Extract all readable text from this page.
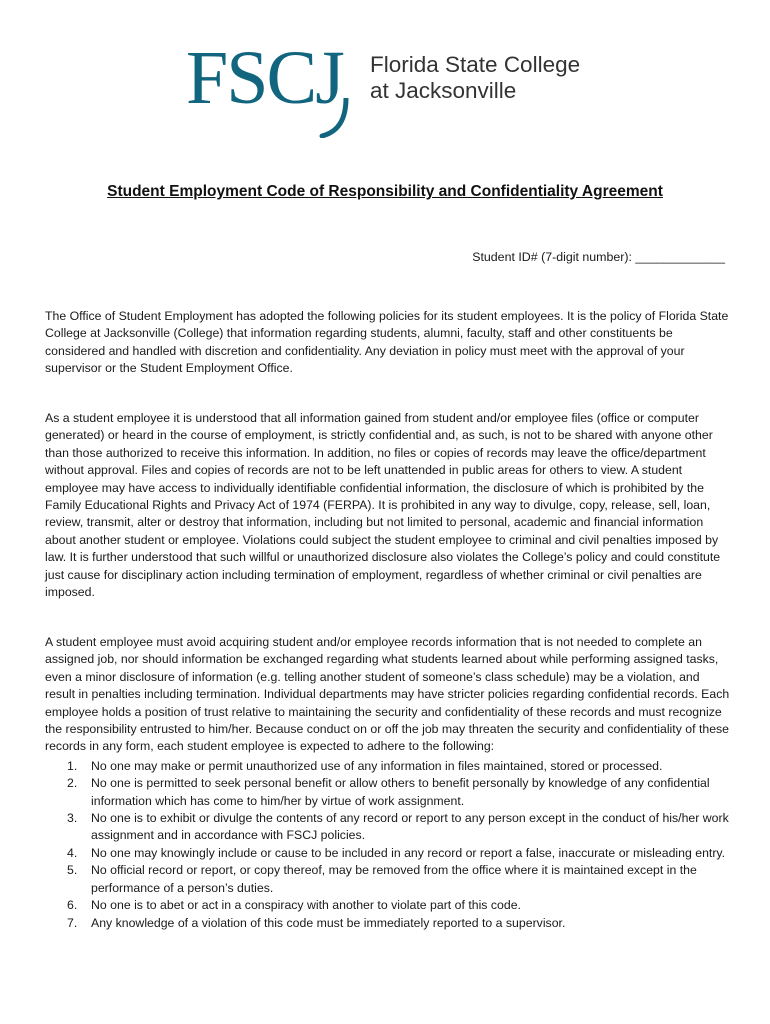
FSCJ Florida State College
at Jacksonville
Student Employment Code of Responsibility and Confidentiality Agreement
Student ID# (7-digit number): _____________

The Office of Student Employment has adopted the following policies for its student employees. It is the policy of Florida State College at Jacksonville (College) that information regarding students, alumni, faculty, staff and other constituents be considered and handled with discretion and confidentiality. Any deviation in policy must meet with the approval of your supervisor or the Student Employment Office.

As a student employee it is understood that all information gained from student and/or employee files (office or computer generated) or heard in the course of employment, is strictly confidential and, as such, is not to be shared with anyone other than those authorized to receive this information. In addition, no files or copies of records may leave the office/department without approval. Files and copies of records are not to be left unattended in public areas for others to view. A student employee may have access to individually identifiable confidential information, the disclosure of which is prohibited by the Family Educational Rights and Privacy Act of 1974 (FERPA). It is prohibited in any way to divulge, copy, release, sell, loan, review, transmit, alter or destroy that information, including but not limited to personal, academic and financial information about another student or employee. Violations could subject the student employee to criminal and civil penalties imposed by law. It is further understood that such willful or unauthorized disclosure also violates the College’s policy and could constitute just cause for disciplinary action including termination of employment, regardless of whether criminal or civil penalties are imposed.

A student employee must avoid acquiring student and/or employee records information that is not needed to complete an assigned job, nor should information be exchanged regarding what students learned about while performing assigned tasks, even a minor disclosure of information (e.g. telling another student of someone’s class schedule) may be a violation, and result in penalties including termination. Individual departments may have stricter policies regarding confidential records. Each employee holds a position of trust relative to maintaining the security and confidentiality of these records and must recognize the responsibility entrusted to him/her. Because conduct on or off the job may threaten the security and confidentiality of these records in any form, each student employee is expected to adhere to the following:

1. No one may make or permit unauthorized use of any information in files maintained, stored or processed.
2. No one is permitted to seek personal benefit or allow others to benefit personally by knowledge of any confidential information which has come to him/her by virtue of work assignment.
3. No one is to exhibit or divulge the contents of any record or report to any person except in the conduct of his/her work assignment and in accordance with FSCJ policies.
4. No one may knowingly include or cause to be included in any record or report a false, inaccurate or misleading entry.
5. No official record or report, or copy thereof, may be removed from the office where it is maintained except in the performance of a person’s duties.
6. No one is to abet or act in a conspiracy with another to violate part of this code.
7. Any knowledge of a violation of this code must be immediately reported to a supervisor.
